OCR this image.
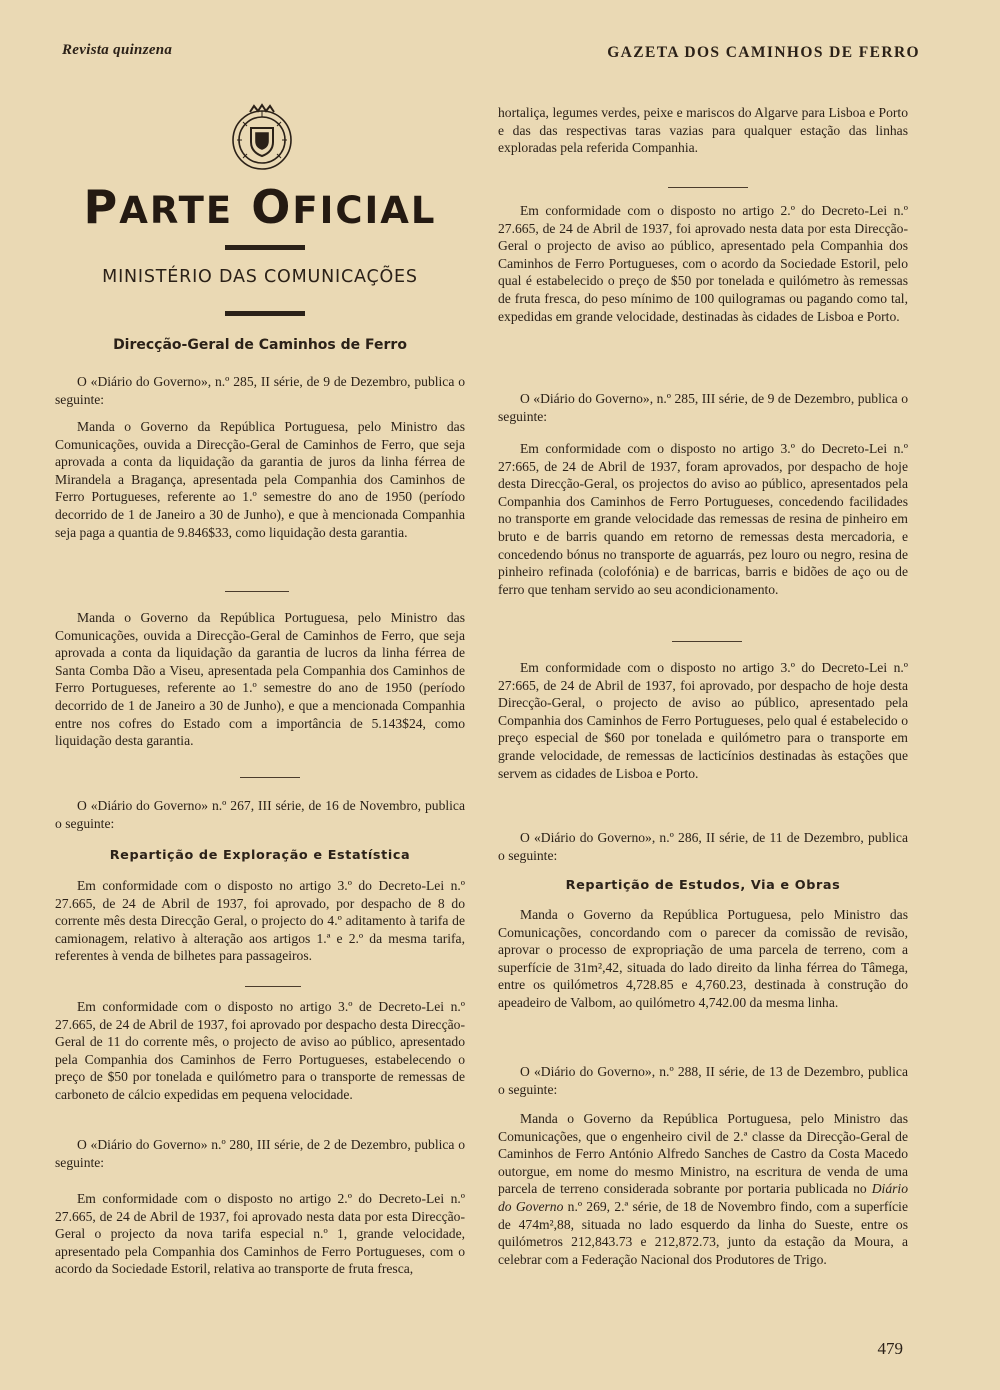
Revista quinzena	GAZETA DOS CAMINHOS DE FERRO
PARTE OFICIAL
MINISTÉRIO DAS COMUNICAÇÕES
Direcção-Geral de Caminhos de Ferro

O «Diário do Governo», n.º 285, II série, de 9 de Dezembro, publica o seguinte:

Manda o Governo da República Portuguesa, pelo Ministro das Comunicações, ouvida a Direcção-Geral de Caminhos de Ferro, que seja aprovada a conta da liquidação da garantia de juros da linha férrea de Mirandela a Bragança, apresentada pela Companhia dos Caminhos de Ferro Portugueses, referente ao 1.º semestre do ano de 1950 (período decorrido de 1 de Janeiro a 30 de Junho), e que à mencionada Companhia seja paga a quantia de 9.846$33, como liquidação desta garantia.

Manda o Governo da República Portuguesa, pelo Ministro das Comunicações, ouvida a Direcção-Geral de Caminhos de Ferro, que seja aprovada a conta da liquidação da garantia de lucros da linha férrea de Santa Comba Dão a Viseu, apresentada pela Companhia dos Caminhos de Ferro Portugueses, referente ao 1.º semestre do ano de 1950 (período decorrido de 1 de Janeiro a 30 de Junho), e que a mencionada Companhia entre nos cofres do Estado com a importância de 5.143$24, como liquidação desta garantia.

O «Diário do Governo» n.º 267, III série, de 16 de Novembro, publica o seguinte:

Repartição de Exploração e Estatística

Em conformidade com o disposto no artigo 3.º do Decreto-Lei n.º 27.665, de 24 de Abril de 1937, foi aprovado, por despacho de 8 do corrente mês desta Direcção Geral, o projecto do 4.º aditamento à tarifa de camionagem, relativo à alteração aos artigos 1.ª e 2.º da mesma tarifa, referentes à venda de bilhetes para passageiros.

Em conformidade com o disposto no artigo 3.º de Decreto-Lei n.º 27.665, de 24 de Abril de 1937, foi aprovado por despacho desta Direcção-Geral de 11 do corrente mês, o projecto de aviso ao público, apresentado pela Companhia dos Caminhos de Ferro Portugueses, estabelecendo o preço de $50 por tonelada e quilómetro para o transporte de remessas de carboneto de cálcio expedidas em pequena velocidade.

O «Diário do Governo» n.º 280, III série, de 2 de Dezembro, publica o seguinte:

Em conformidade com o disposto no artigo 2.º do Decreto-Lei n.º 27.665, de 24 de Abril de 1937, foi aprovado nesta data por esta Direcção-Geral o projecto da nova tarifa especial n.º 1, grande velocidade, apresentado pela Companhia dos Caminhos de Ferro Portugueses, com o acordo da Sociedade Estoril, relativa ao transporte de fruta fresca,

hortaliça, legumes verdes, peixe e mariscos do Algarve para Lisboa e Porto e das das respectivas taras vazias para qualquer estação das linhas exploradas pela referida Companhia.

Em conformidade com o disposto no artigo 2.º do Decreto-Lei n.º 27.665, de 24 de Abril de 1937, foi aprovado nesta data por esta Direcção-Geral o projecto de aviso ao público, apresentado pela Companhia dos Caminhos de Ferro Portugueses, com o acordo da Sociedade Estoril, pelo qual é estabelecido o preço de $50 por tonelada e quilómetro às remessas de fruta fresca, do peso mínimo de 100 quilogramas ou pagando como tal, expedidas em grande velocidade, destinadas às cidades de Lisboa e Porto.

O «Diário do Governo», n.º 285, III série, de 9 de Dezembro, publica o seguinte:

Em conformidade com o disposto no artigo 3.º do Decreto-Lei n.º 27:665, de 24 de Abril de 1937, foram aprovados, por despacho de hoje desta Direcção-Geral, os projectos do aviso ao público, apresentados pela Companhia dos Caminhos de Ferro Portugueses, concedendo facilidades no transporte em grande velocidade das remessas de resina de pinheiro em bruto e de barris quando em retorno de remessas desta mercadoria, e concedendo bónus no transporte de aguarrás, pez louro ou negro, resina de pinheiro refinada (colofónia) e de barricas, barris e bidões de aço ou de ferro que tenham servido ao seu acondicionamento.

Em conformidade com o disposto no artigo 3.º do Decreto-Lei n.º 27:665, de 24 de Abril de 1937, foi aprovado, por despacho de hoje desta Direcção-Geral, o projecto de aviso ao público, apresentado pela Companhia dos Caminhos de Ferro Portugueses, pelo qual é estabelecido o preço especial de $60 por tonelada e quilómetro para o transporte em grande velocidade, de remessas de lacticínios destinadas às estações que servem as cidades de Lisboa e Porto.

O «Diário do Governo», n.º 286, II série, de 11 de Dezembro, publica o seguinte:

Repartição de Estudos, Via e Obras

Manda o Governo da República Portuguesa, pelo Ministro das Comunicações, concordando com o parecer da comissão de revisão, aprovar o processo de expropriação de uma parcela de terreno, com a superfície de 31m²,42, situada do lado direito da linha férrea do Tâmega, entre os quilómetros 4,728.85 e 4,760.23, destinada à construção do apeadeiro de Valbom, ao quilómetro 4,742.00 da mesma linha.

O «Diário do Governo», n.º 288, II série, de 13 de Dezembro, publica o seguinte:

Manda o Governo da República Portuguesa, pelo Ministro das Comunicações, que o engenheiro civil de 2.ª classe da Direcção-Geral de Caminhos de Ferro António Alfredo Sanches de Castro da Costa Macedo outorgue, em nome do mesmo Ministro, na escritura de venda de uma parcela de terreno considerada sobrante por portaria publicada no Diário do Governo n.º 269, 2.ª série, de 18 de Novembro findo, com a superfície de 474m²,88, situada no lado esquerdo da linha do Sueste, entre os quilómetros 212,843.73 e 212,872.73, junto da estação da Moura, a celebrar com a Federação Nacional dos Produtores de Trigo.

479
